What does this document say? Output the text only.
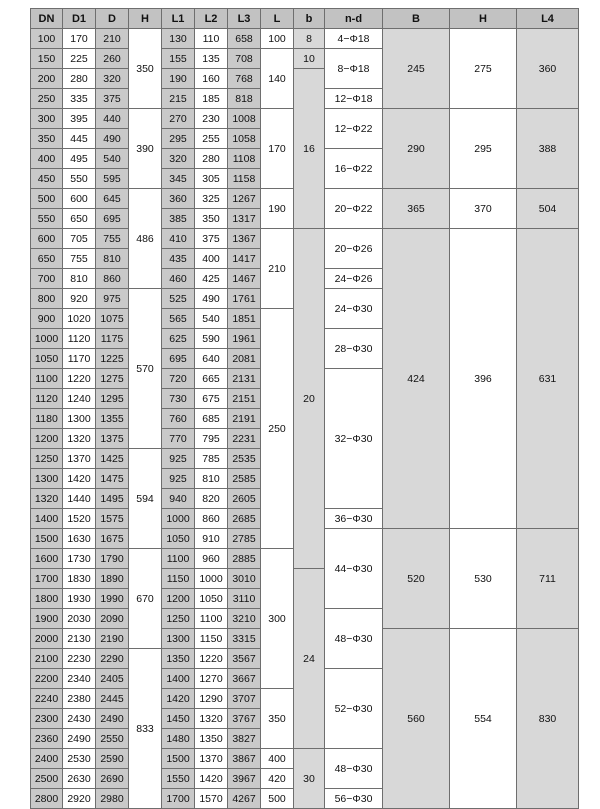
DN	D1	D	H	L1	L2	L3	L	b	n-d	B	H	L4
100	170	210	350	130	110	658	100	8	4−Φ18	245	275	360
150	225	260		155	135	708	140	10	8−Φ18			
200	280	320		190	160	768		16				
250	335	375		215	185	818			12−Φ18			
300	395	440	390	270	230	1008	170		12−Φ22	290	295	388
350	445	490		295	255	1058						
400	495	540		320	280	1108			16−Φ22			
450	550	595		345	305	1158						
500	600	645	486	360	325	1267	190		20−Φ22	365	370	504
550	650	695		385	350	1317						
600	705	755		410	375	1367	210	20	20−Φ26	424	396	631
650	755	810		435	400	1417						
700	810	860		460	425	1467			24−Φ26			
800	920	975	570	525	490	1761			24−Φ30			
900	1020	1075		565	540	1851	250					
1000	1120	1175		625	590	1961			28−Φ30			
1050	1170	1225		695	640	2081						
1100	1220	1275		720	665	2131			32−Φ30			
1120	1240	1295		730	675	2151						
1180	1300	1355		760	685	2191						
1200	1320	1375		770	795	2231						
1250	1370	1425	594	925	785	2535						
1300	1420	1475		925	810	2585						
1320	1440	1495		940	820	2605						
1400	1520	1575		1000	860	2685			36−Φ30			
1500	1630	1675		1050	910	2785			44−Φ30	520	530	711
1600	1730	1790	670	1100	960	2885	300					
1700	1830	1890		1150	1000	3010		24				
1800	1930	1990		1200	1050	3110						
1900	2030	2090		1250	1100	3210			48−Φ30			
2000	2130	2190		1300	1150	3315				560	554	830
2100	2230	2290	833	1350	1220	3567						
2200	2340	2405		1400	1270	3667			52−Φ30			
2240	2380	2445		1420	1290	3707	350					
2300	2430	2490		1450	1320	3767						
2360	2490	2550		1480	1350	3827						
2400	2530	2590		1500	1370	3867	400	30	48−Φ30			
2500	2630	2690		1550	1420	3967	420					
2800	2920	2980		1700	1570	4267	500		56−Φ30			
